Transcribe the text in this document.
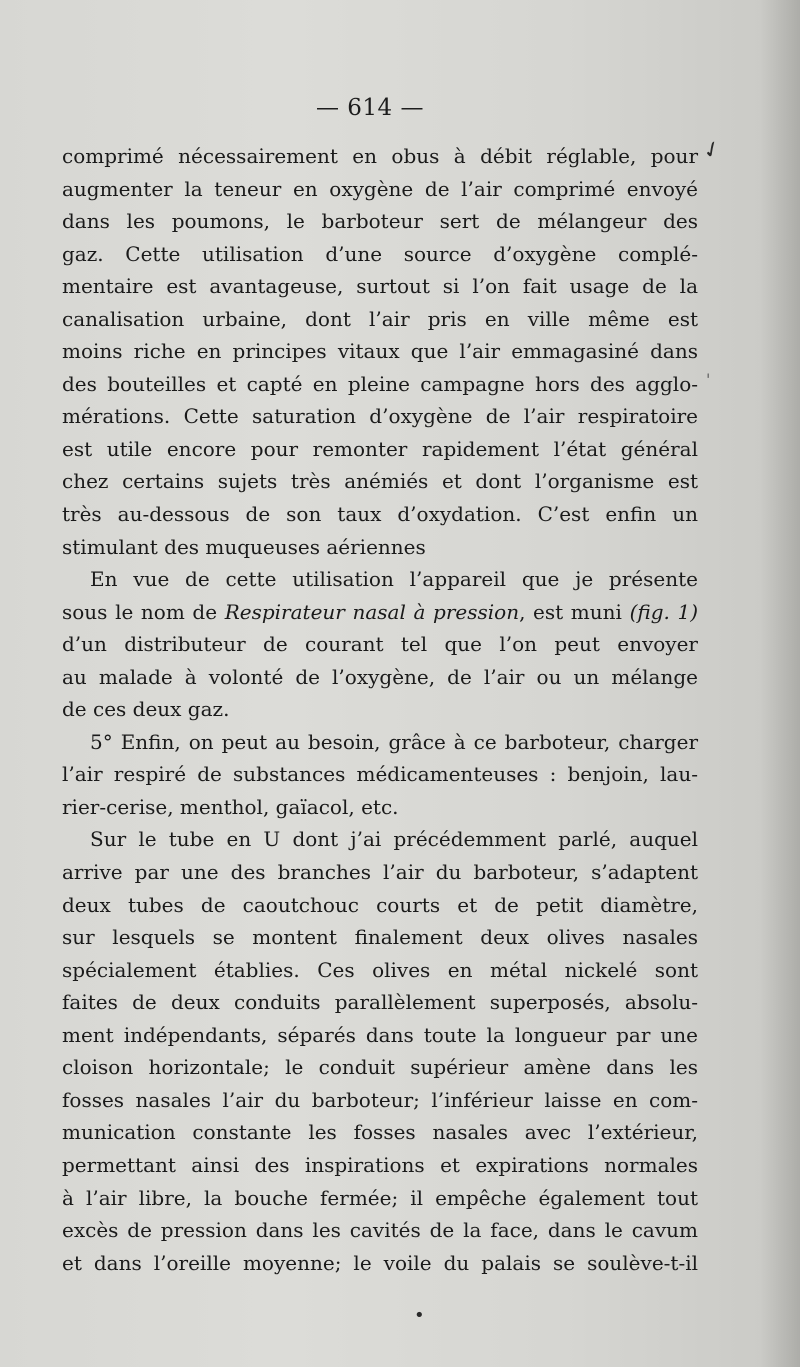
— 614 —
✓
'
comprimé nécessairement en obus à débit réglable, pour
augmenter la teneur en oxygène de l’air comprimé envoyé
dans les poumons, le barboteur sert de mélangeur des
gaz. Cette utilisation d’une source d’oxygène complé-
mentaire est avantageuse, surtout si l’on fait usage de la
canalisation urbaine, dont l’air pris en ville même est
moins riche en principes vitaux que l’air emmagasiné dans
des bouteilles et capté en pleine campagne hors des agglo-
mérations. Cette saturation d’oxygène de l’air respiratoire
est utile encore pour remonter rapidement l’état général
chez certains sujets très anémiés et dont l’organisme est
très au-dessous de son taux d’oxydation. C’est enfin un
stimulant des muqueuses aériennes
En vue de cette utilisation l’appareil que je présente
sous le nom de Respirateur nasal à pression, est muni (fig. 1)
d’un distributeur de courant tel que l’on peut envoyer
au malade à volonté de l’oxygène, de l’air ou un mélange
de ces deux gaz.
5° Enfin, on peut au besoin, grâce à ce barboteur, charger
l’air respiré de substances médicamenteuses : benjoin, lau-
rier-cerise, menthol, gaïacol, etc.
Sur le tube en U dont j’ai précédemment parlé, auquel
arrive par une des branches l’air du barboteur, s’adaptent
deux tubes de caoutchouc courts et de petit diamètre,
sur lesquels se montent finalement deux olives nasales
spécialement établies. Ces olives en métal nickelé sont
faites de deux conduits parallèlement superposés, absolu-
ment indépendants, séparés dans toute la longueur par une
cloison horizontale; le conduit supérieur amène dans les
fosses nasales l’air du barboteur; l’inférieur laisse en com-
munication constante les fosses nasales avec l’extérieur,
permettant ainsi des inspirations et expirations normales
à l’air libre, la bouche fermée; il empêche également tout
excès de pression dans les cavités de la face, dans le cavum
et dans l’oreille moyenne; le voile du palais se soulève-t-il
•
